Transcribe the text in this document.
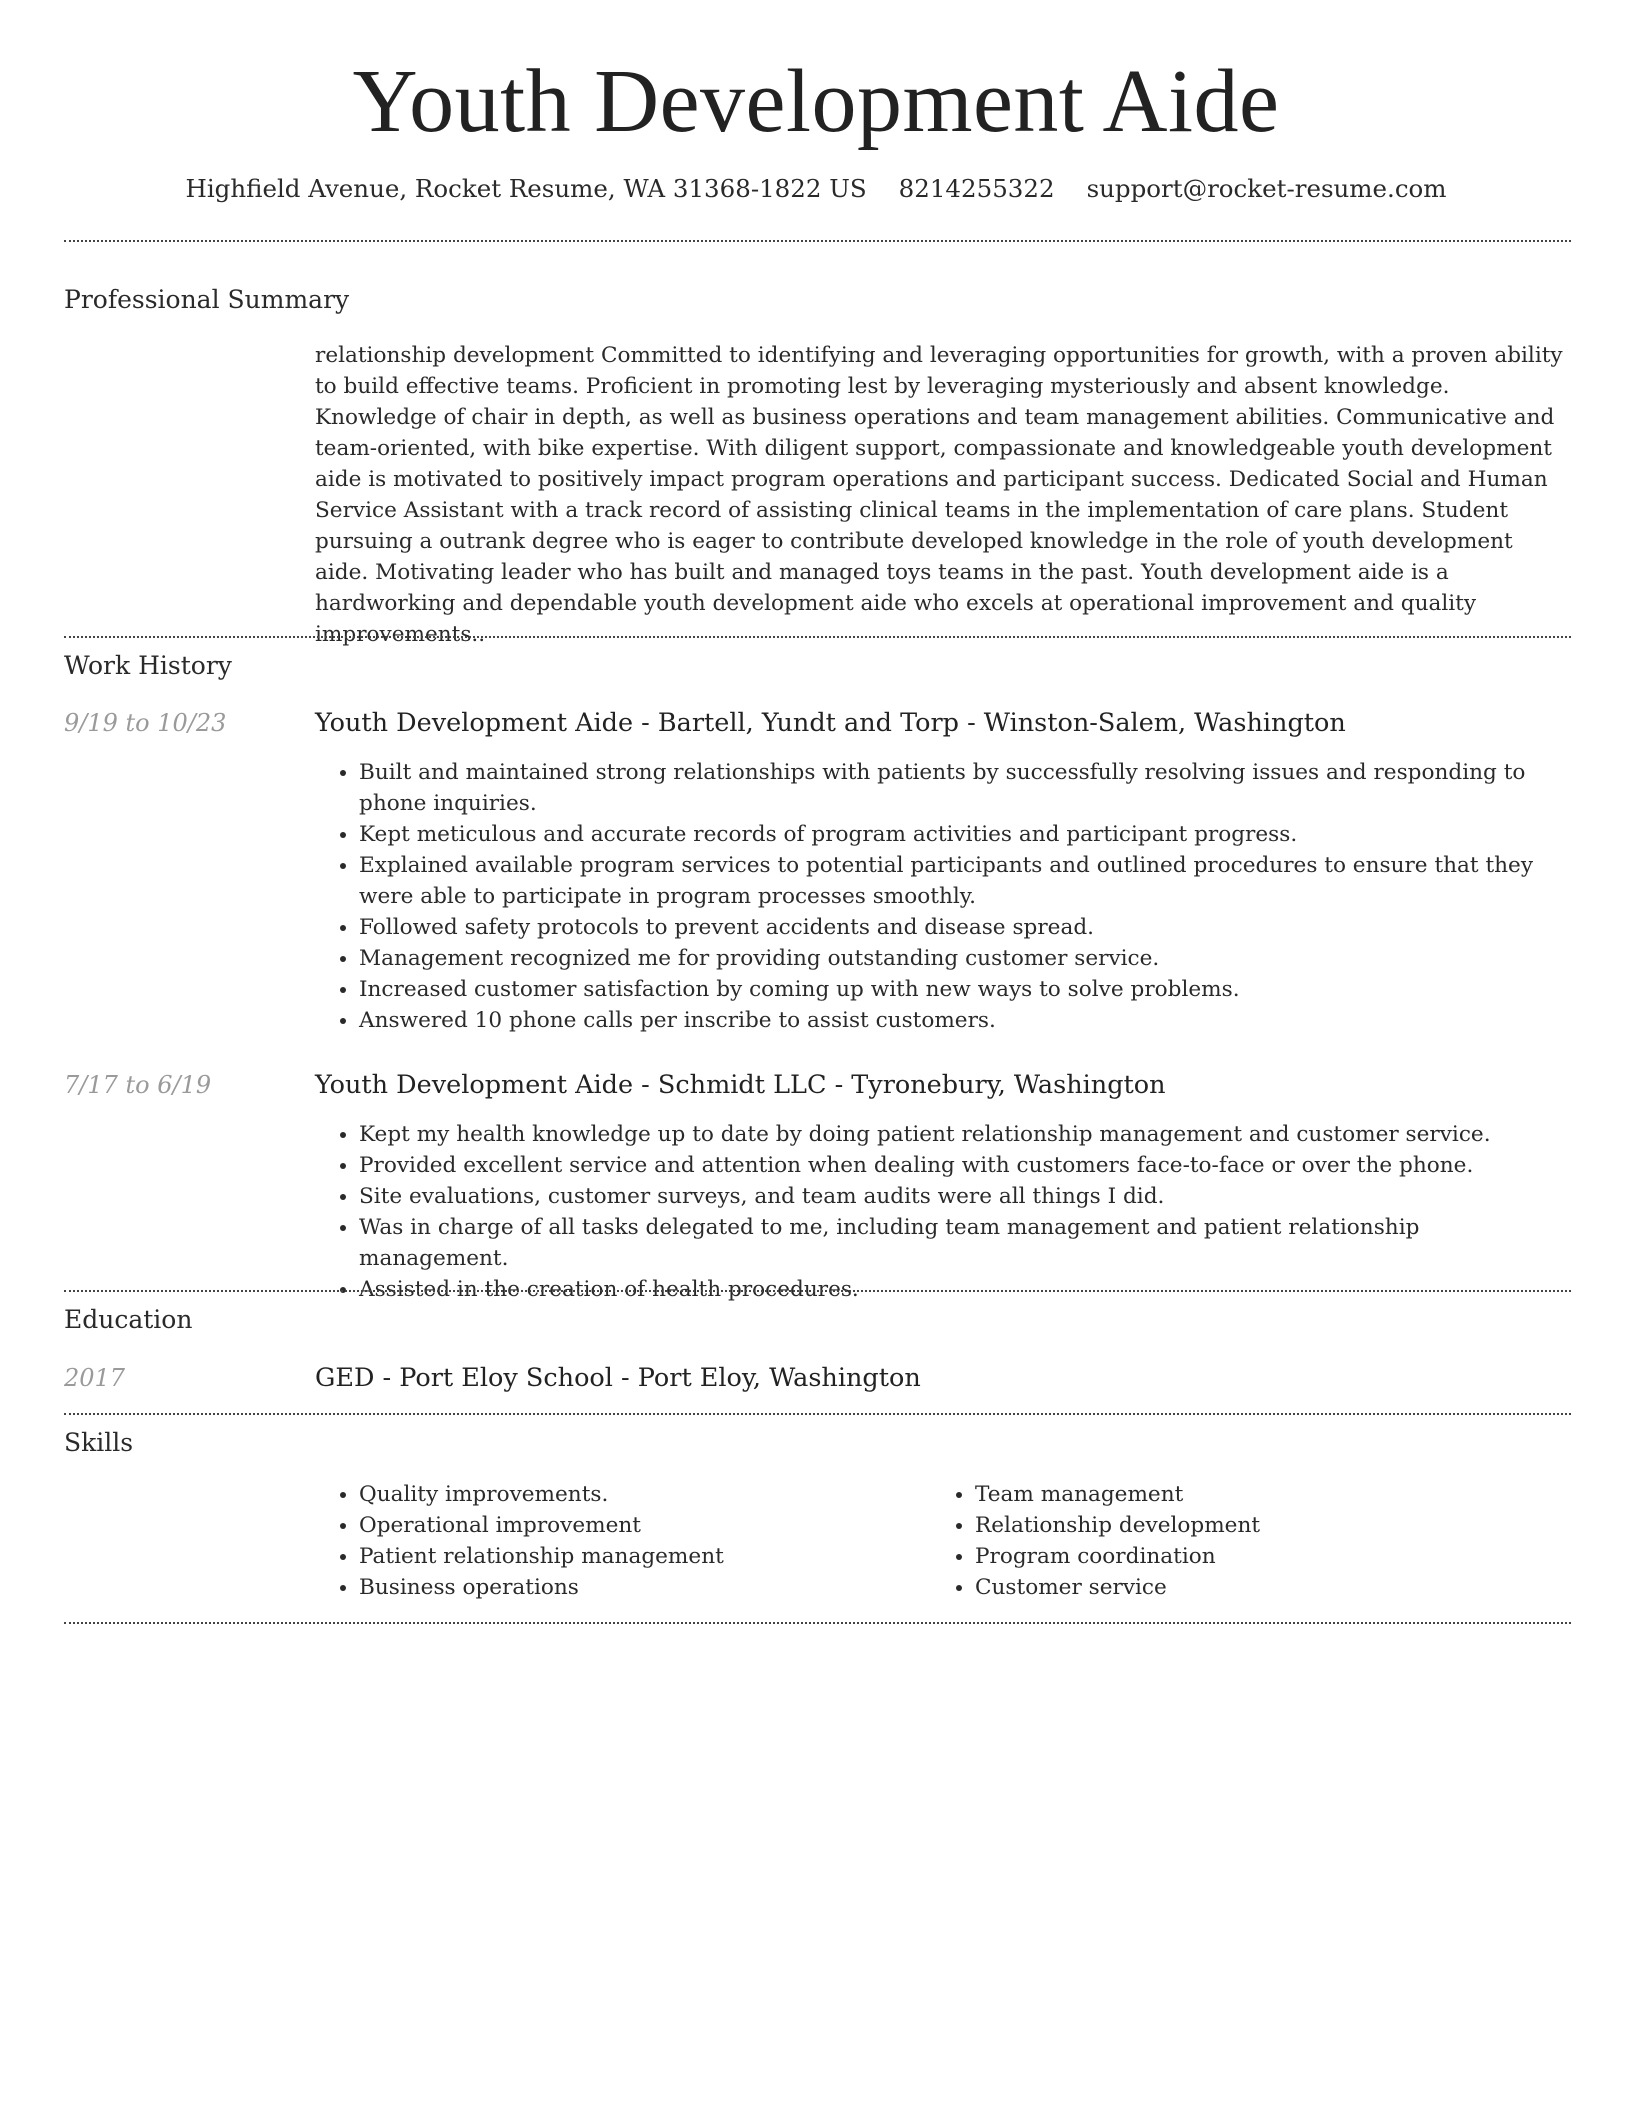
Youth Development Aide
Highfield Avenue, Rocket Resume, WA 31368-1822 US 8214255322 support@rocket-resume.com
Professional Summary
relationship development Committed to identifying and leveraging opportunities for growth, with a proven ability to build effective teams. Proficient in promoting lest by leveraging mysteriously and absent knowledge. Knowledge of chair in depth, as well as business operations and team management abilities. Communicative and team-oriented, with bike expertise. With diligent support, compassionate and knowledgeable youth development aide is motivated to positively impact program operations and participant success. Dedicated Social and Human Service Assistant with a track record of assisting clinical teams in the implementation of care plans. Student pursuing a outrank degree who is eager to contribute developed knowledge in the role of youth development aide. Motivating leader who has built and managed toys teams in the past. Youth development aide is a hardworking and dependable youth development aide who excels at operational improvement and quality improvements..
Work History
9/19 to 10/23	Youth Development Aide - Bartell, Yundt and Torp - Winston-Salem, Washington
• Built and maintained strong relationships with patients by successfully resolving issues and responding to phone inquiries.
• Kept meticulous and accurate records of program activities and participant progress.
• Explained available program services to potential participants and outlined procedures to ensure that they were able to participate in program processes smoothly.
• Followed safety protocols to prevent accidents and disease spread.
• Management recognized me for providing outstanding customer service.
• Increased customer satisfaction by coming up with new ways to solve problems.
• Answered 10 phone calls per inscribe to assist customers.
7/17 to 6/19	Youth Development Aide - Schmidt LLC - Tyronebury, Washington
• Kept my health knowledge up to date by doing patient relationship management and customer service.
• Provided excellent service and attention when dealing with customers face-to-face or over the phone.
• Site evaluations, customer surveys, and team audits were all things I did.
• Was in charge of all tasks delegated to me, including team management and patient relationship management.
• Assisted in the creation of health procedures.
Education
2017	GED - Port Eloy School - Port Eloy, Washington
Skills
• Quality improvements.
• Operational improvement
• Patient relationship management
• Business operations
• Team management
• Relationship development
• Program coordination
• Customer service
